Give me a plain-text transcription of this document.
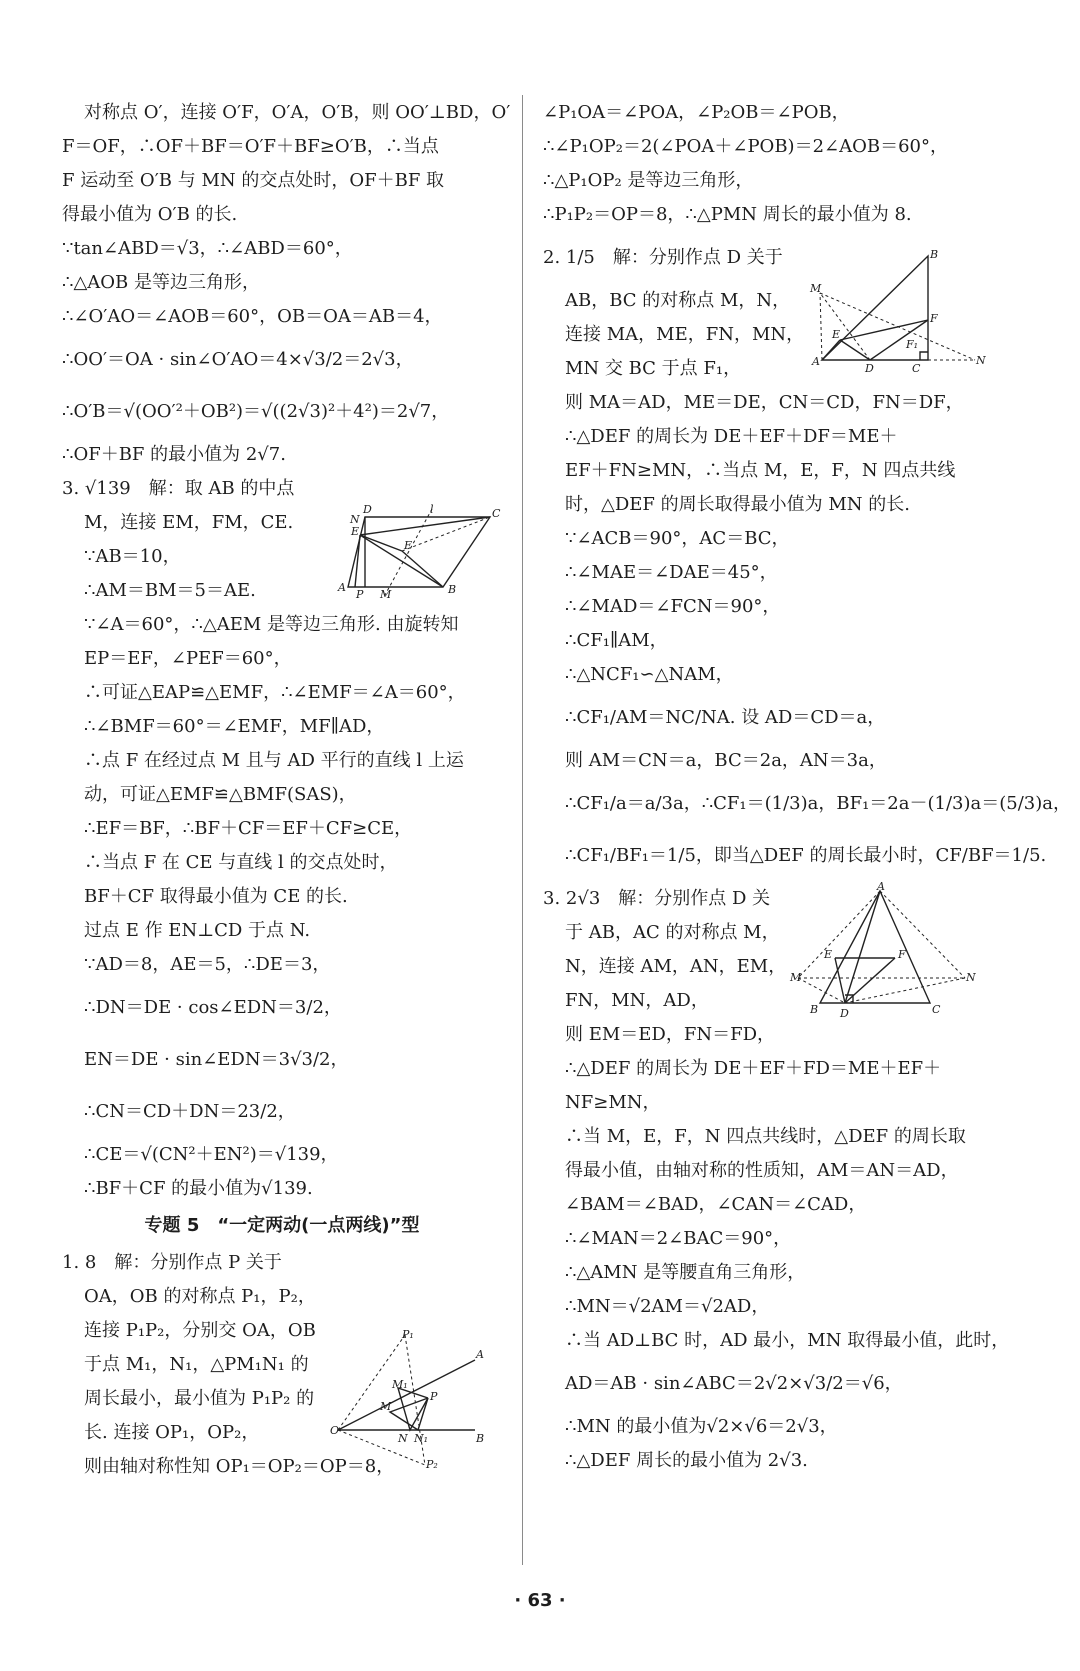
对称点 O′，连接 O′F，O′A，O′B，则 OO′⊥BD，O′
F＝OF，∴OF＋BF＝O′F＋BF≥O′B，∴当点
F 运动至 O′B 与 MN 的交点处时，OF＋BF 取
得最小值为 O′B 的长.
∵tan∠ABD＝√3，∴∠ABD＝60°，
∴△AOB 是等边三角形，
∴∠O′AO＝∠AOB＝60°，OB＝OA＝AB＝4，
∴OO′＝OA · sin∠O′AO＝4×√3/2＝2√3，
∴O′B＝√(OO′²＋OB²)＝√((2√3)²＋4²)＝2√7，
∴OF＋BF 的最小值为 2√7.
3. √139　解：取 AB 的中点
M，连接 EM，FM，CE.
∵AB＝10，
∴AM＝BM＝5＝AE.
∵∠A＝60°，∴△AEM 是等边三角形. 由旋转知
EP＝EF，∠PEF＝60°，
∴可证△EAP≌△EMF，∴∠EMF＝∠A＝60°，
∴∠BMF＝60°＝∠EMF，MF∥AD，
∴点 F 在经过点 M 且与 AD 平行的直线 l 上运
动，可证△EMF≌△BMF(SAS)，
∴EF＝BF，∴BF＋CF＝EF＋CF≥CE，
∴当点 F 在 CE 与直线 l 的交点处时，
BF＋CF 取得最小值为 CE 的长.
过点 E 作 EN⊥CD 于点 N.
∵AD＝8，AE＝5，∴DE＝3，
∴DN＝DE · cos∠EDN＝3/2，
EN＝DE · sin∠EDN＝3√3/2，
∴CN＝CD＋DN＝23/2，
∴CE＝√(CN²＋EN²)＝√139，
∴BF＋CF 的最小值为√139.
专题 5　“一定两动(一点两线)”型
1. 8　解：分别作点 P 关于
OA，OB 的对称点 P₁，P₂，
连接 P₁P₂，分别交 OA，OB
于点 M₁，N₁，△PM₁N₁ 的
周长最小，最小值为 P₁P₂ 的
长. 连接 OP₁，OP₂，
则由轴对称性知 OP₁＝OP₂＝OP＝8，
A	B
C
D
E
F
P M
N
l
O
A
B
P
P₁
P₂
M
M₁
N N₁
∠P₁OA＝∠POA，∠P₂OB＝∠POB，
∴∠P₁OP₂＝2(∠POA＋∠POB)＝2∠AOB＝60°，
∴△P₁OP₂ 是等边三角形，
∴P₁P₂＝OP＝8，∴△PMN 周长的最小值为 8.
2. 1/5　解：分别作点 D 关于
AB，BC 的对称点 M，N，
连接 MA，ME，FN，MN，
MN 交 BC 于点 F₁，
则 MA＝AD，ME＝DE，CN＝CD，FN＝DF，
∴△DEF 的周长为 DE＋EF＋DF＝ME＋
EF＋FN≥MN，∴当点 M，E，F，N 四点共线
时，△DEF 的周长取得最小值为 MN 的长.
∵∠ACB＝90°，AC＝BC，
∴∠MAE＝∠DAE＝45°，
∴∠MAD＝∠FCN＝90°，
∴CF₁∥AM，
∴△NCF₁∽△NAM，
∴CF₁/AM＝NC/NA. 设 AD＝CD＝a，
则 AM＝CN＝a，BC＝2a，AN＝3a，
∴CF₁/a＝a/3a，∴CF₁＝(1/3)a，BF₁＝2a－(1/3)a＝(5/3)a，
∴CF₁/BF₁＝1/5，即当△DEF 的周长最小时，CF/BF＝1/5.
3. 2√3　解：分别作点 D 关
于 AB，AC 的对称点 M，
N，连接 AM，AN，EM，
FN，MN，AD，
则 EM＝ED，FN＝FD，
∴△DEF 的周长为 DE＋EF＋FD＝ME＋EF＋
NF≥MN，
∴当 M，E，F，N 四点共线时，△DEF 的周长取
得最小值，由轴对称的性质知，AM＝AN＝AD，
∠BAM＝∠BAD，∠CAN＝∠CAD，
∴∠MAN＝2∠BAC＝90°，
∴△AMN 是等腰直角三角形，
∴MN＝√2AM＝√2AD，
∴当 AD⊥BC 时，AD 最小，MN 取得最小值，此时，
AD＝AB · sin∠ABC＝2√2×√3/2＝√6，
∴MN 的最小值为√2×√6＝2√3，
∴△DEF 周长的最小值为 2√3.
A
B
C
D
E
F
M
N
F₁
A
B	C
D
E	F
M	N
· 63 ·
